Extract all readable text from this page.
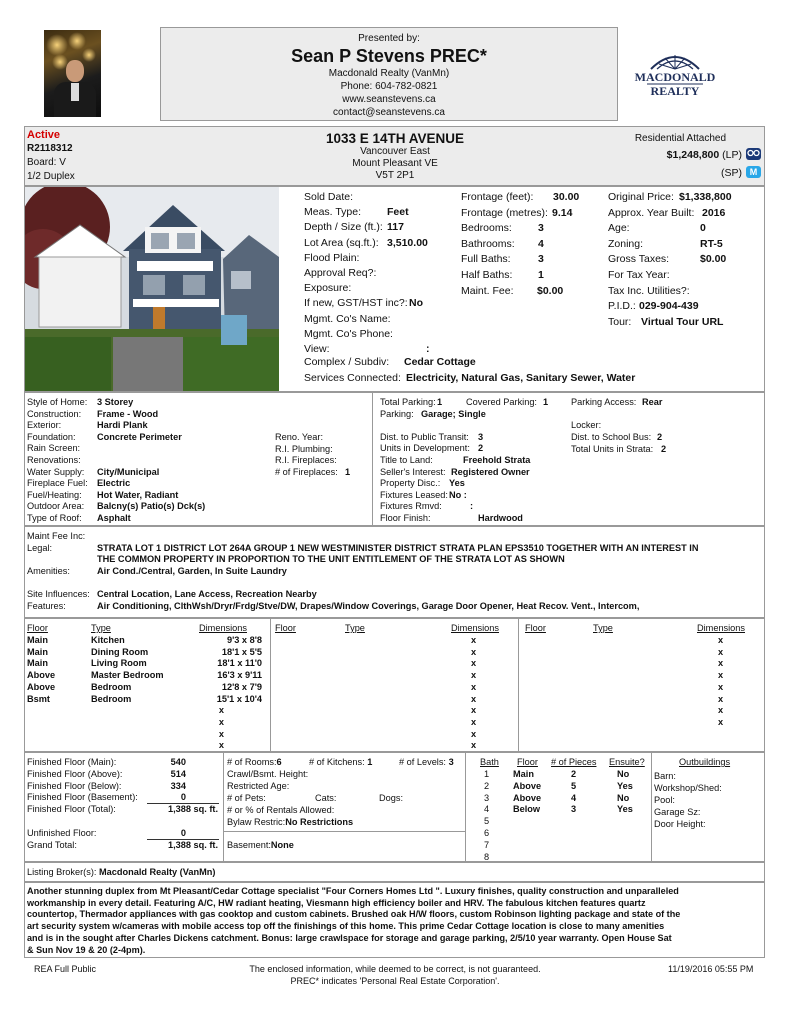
Presented by:
Sean P Stevens PREC*
Macdonald Realty (VanMn)
Phone: 604-782-0821
www.seanstevens.ca
contact@seanstevens.ca
MACDONALD
REALTY
Active
R2118312
Board: V
1/2 Duplex
1033 E 14TH AVENUE
Vancouver East
Mount Pleasant VE
V5T 2P1
Residential Attached
$1,248,800 (LP)
(SP) M
Sold Date:
Meas. Type: Feet
Depth / Size (ft.): 117
Lot Area (sq.ft.): 3,510.00
Flood Plain:
Approval Req?:
Exposure:
If new, GST/HST inc?: No
Mgmt. Co's Name:
Mgmt. Co's Phone:
View:	:
Frontage (feet): 30.00
Frontage (metres): 9.14
Bedrooms: 3
Bathrooms: 4
Full Baths:	3
Half Baths: 1
Maint. Fee: $0.00
Original Price: $1,338,800
Approx. Year Built: 2016
Age:	0
Zoning:	RT-5
Gross Taxes:	$0.00
For Tax Year:
Tax Inc. Utilities?:
P.I.D.: 029-904-439
Tour: Virtual Tour URL
Complex / Subdiv: Cedar Cottage
Services Connected: Electricity, Natural Gas, Sanitary Sewer, Water
Style of Home: 3 Storey
Construction: Frame - Wood
Exterior:	Hardi Plank
Foundation: Concrete Perimeter
Rain Screen:
Renovations:
Water Supply: City/Municipal
Fireplace Fuel: Electric
Fuel/Heating: Hot Water, Radiant
Outdoor Area: Balcny(s) Patio(s) Dck(s)
Type of Roof: Asphalt
Reno. Year:
R.I. Plumbing:
R.I. Fireplaces:
# of Fireplaces: 1
Total Parking: 1
Parking: Garage; Single
Dist. to Public Transit: 3
Units in Development: 2
Title to Land:	Freehold Strata
Seller's Interest: Registered Owner
Property Disc.: Yes
Fixtures Leased: No :
Fixtures Rmvd:	:
Floor Finish:	Hardwood
Covered Parking: 1 Parking Access: Rear
Locker:
Dist. to School Bus: 2
Total Units in Strata: 2
Maint Fee Inc:
Legal:	STRATA LOT 1 DISTRICT LOT 264A GROUP 1 NEW WESTMINISTER DISTRICT STRATA PLAN EPS3510 TOGETHER WITH AN INTEREST IN
THE COMMON PROPERTY IN PROPORTION TO THE UNIT ENTITLEMENT OF THE STRATA LOT AS SHOWN
Amenities:	Air Cond./Central, Garden, In Suite Laundry
Site Influences: Central Location, Lane Access, Recreation Nearby
Features:	Air Conditioning, ClthWsh/Dryr/Frdg/Stve/DW, Drapes/Window Coverings, Garage Door Opener, Heat Recov. Vent., Intercom,
Floor	Type	Dimensions	Floor	Type	Dimensions	Floor	Type	Dimensions
Main	Kitchen	9'3 x 8'8
Main	Dining Room	18'1 x 5'5
Main	Living Room	18'1 x 11'0
Above	Master Bedroom	16'3 x 9'11
Above	Bedroom	12'8 x 7'9
Bsmt	Bedroom	15'1 x 10'4
x
x
x
x
x
x
x
x
x
x
x
x
x
x
x
x
x
x
x
x
x
x
Finished Floor (Main):	540
Finished Floor (Above):	514
Finished Floor (Below):	334
Finished Floor (Basement):	0
Finished Floor (Total):	1,388 sq. ft.
Unfinished Floor:	0
Grand Total:	1,388 sq. ft.
# of Rooms:6	# of Kitchens: 1	# of Levels: 3
Crawl/Bsmt. Height:
Restricted Age:
# of Pets:	Cats:	Dogs:
# or % of Rentals Allowed:
Bylaw Restric:No Restrictions
Basement:None
Bath Floor # of Pieces Ensuite?
1	Main	2	No
2	Above	5	Yes
3	Above	4	No
4	Below	3	Yes
5
6
7
8
Outbuildings
Barn:
Workshop/Shed:
Pool:
Garage Sz:
Door Height:
Listing Broker(s): Macdonald Realty (VanMn)
Another stunning duplex from Mt Pleasant/Cedar Cottage specialist "Four Corners Homes Ltd ". Luxury finishes, quality construction and unparalleled
workmanship in every detail. Featuring A/C, HW radiant heating, Viesmann high efficiency boiler and HRV. The fabulous kitchen features quartz
countertop, Thermador appliances with gas cooktop and custom cabinets. Brushed oak H/W floors, custom Robinson lighting package and state of the
art security system w/cameras with mobile access top off the finishings of this home. This prime Cedar Cottage location is close to many amenities
and is in the sought after Charles Dickens catchment. Bonus: large crawlspace for storage and garage parking, 2/5/10 year warranty. Open House Sat
& Sun Nov 19 & 20 (2-4pm).
REA Full Public	The enclosed information, while deemed to be correct, is not guaranteed.
PREC* indicates 'Personal Real Estate Corporation'.
11/19/2016 05:55 PM
